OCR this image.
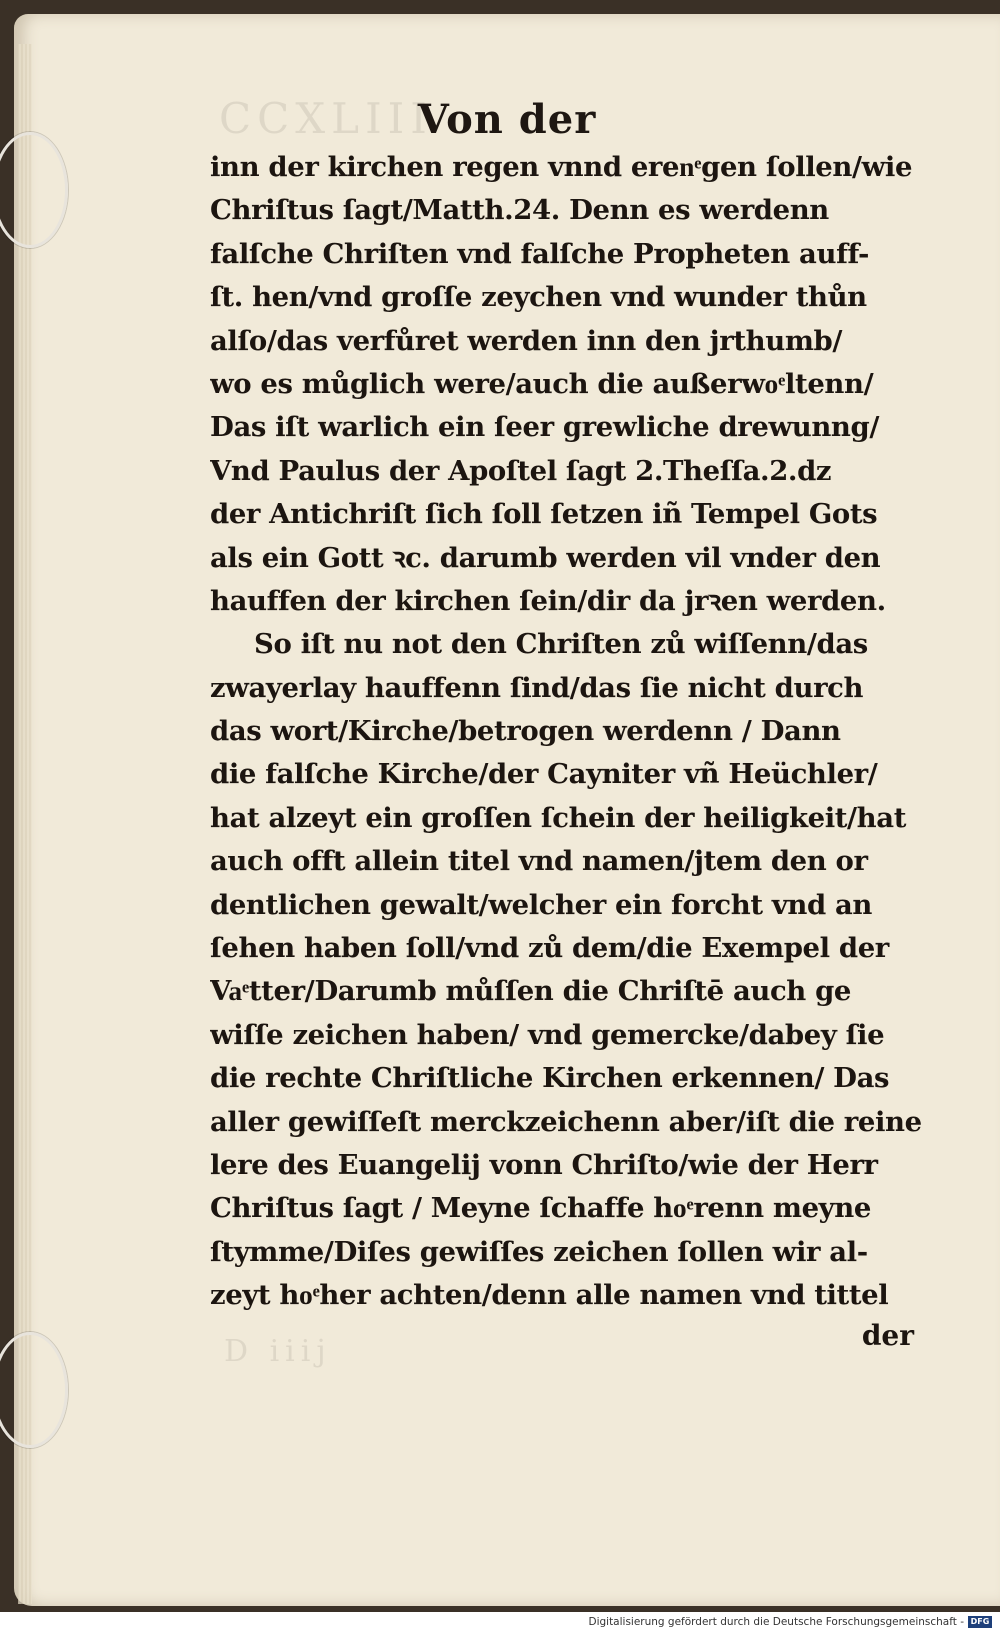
CCXLIII
D iiij
Von der
inn der kirchen regen vnnd erenͤgen ſollen/wie
Chriſtus ſagt/Matth.24. Denn es werdenn
falſche Chriſten vnd falſche Propheten auff-
ſt. hen/vnd groſſe zeychen vnd wunder thůn
alſo/das verfůret werden inn den jrthumb/
wo es můglich were/auch die außerwoͤltenn/
Das iſt warlich ein ſeer grewliche drewunng/
Vnd Paulus der Apoſtel ſagt 2.Theſſa.2.dz
der Antichriſt ſich ſoll ſetzen iñ Tempel Gots
als ein Gott ꝛc. darumb werden vil vnder den
hauffen der kirchen ſein/dir da jrꝛen werden.
So iſt nu not den Chriſten zů wiſſenn/das
zwayerlay hauffenn ſind/das ſie nicht durch
das wort/Kirche/betrogen werdenn / Dann
die falſche Kirche/der Cayniter vñ Heüchler/
hat alzeyt ein groſſen ſchein der heiligkeit/hat
auch offt allein titel vnd namen/jtem den or
dentlichen gewalt/welcher ein forcht vnd an
ſehen haben ſoll/vnd zů dem/die Exempel der
Vaͤtter/Darumb můſſen die Chriſtē auch ge
wiſſe zeichen haben/ vnd gemercke/dabey ſie
die rechte Chriſtliche Kirchen erkennen/ Das
aller gewiſſeſt merckzeichenn aber/iſt die reine
lere des Euangelij vonn Chriſto/wie der Herr
Chriſtus ſagt / Meyne ſchaffe hoͤrenn meyne
ſtymme/Diſes gewiſſes zeichen ſollen wir al-
zeyt hoͤher achten/denn alle namen vnd tittel
der
Digitalisierung gefördert durch die Deutsche Forschungsgemeinschaft - DFG
